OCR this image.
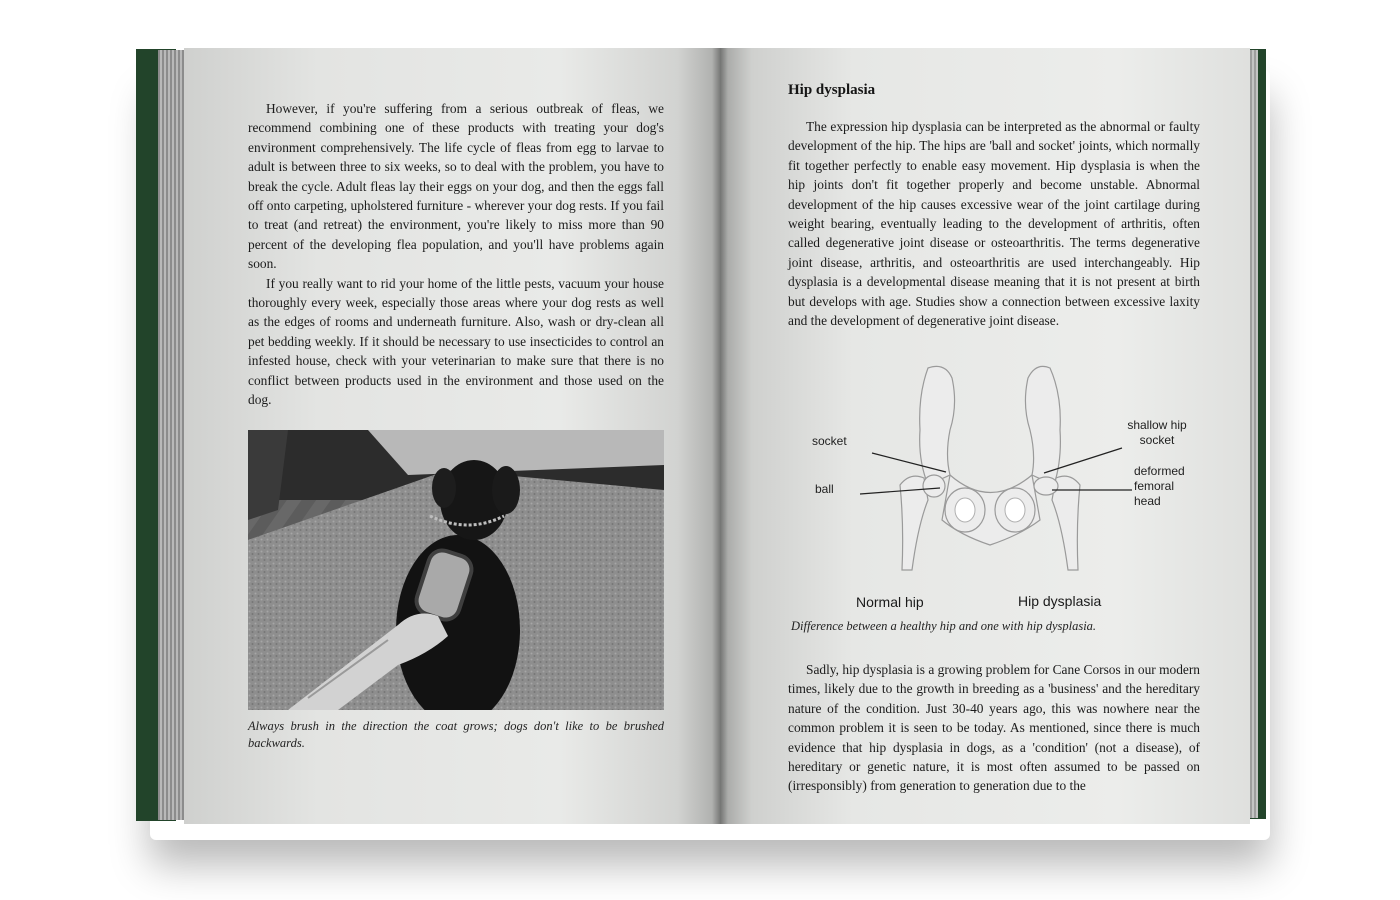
However, if you're suffering from a serious outbreak of fleas, we recommend combining one of these products with treating your dog's environment comprehensively. The life cycle of fleas from egg to larvae to adult is between three to six weeks, so to deal with the problem, you have to break the cycle. Adult fleas lay their eggs on your dog, and then the eggs fall off onto carpeting, upholstered furniture - wherever your dog rests. If you fail to treat (and retreat) the environment, you're likely to miss more than 90 percent of the developing flea population, and you'll have problems again soon.

If you really want to rid your home of the little pests, vacuum your house thoroughly every week, especially those areas where your dog rests as well as the edges of rooms and underneath furniture. Also, wash or dry-clean all pet bedding weekly. If it should be necessary to use insecticides to control an infested house, check with your veterinarian to make sure that there is no conflict between products used in the environment and those used on the dog.

Always brush in the direction the coat grows; dogs don't like to be brushed backwards.
Hip dysplasia

The expression hip dysplasia can be interpreted as the abnormal or faulty development of the hip. The hips are 'ball and socket' joints, which normally fit together perfectly to enable easy movement. Hip dysplasia is when the hip joints don't fit together properly and become unstable. Abnormal development of the hip causes excessive wear of the joint cartilage during weight bearing, eventually leading to the development of arthritis, often called degenerative joint disease or osteoarthritis. The terms degenerative joint disease, arthritis, and osteoarthritis are used interchangeably. Hip dysplasia is a developmental disease meaning that it is not present at birth but develops with age. Studies show a connection between excessive laxity and the development of degenerative joint disease.

socket
ball
shallow hip
socket
deformed
femoral
head
Normal hip	Hip dysplasia
Difference between a healthy hip and one with hip dysplasia.

Sadly, hip dysplasia is a growing problem for Cane Corsos in our modern times, likely due to the growth in breeding as a 'business' and the hereditary nature of the condition. Just 30-40 years ago, this was nowhere near the common problem it is seen to be today. As mentioned, since there is much evidence that hip dysplasia in dogs, as a 'condition' (not a disease), of hereditary or genetic nature, it is most often assumed to be passed on (irresponsibly) from generation to generation due to the
